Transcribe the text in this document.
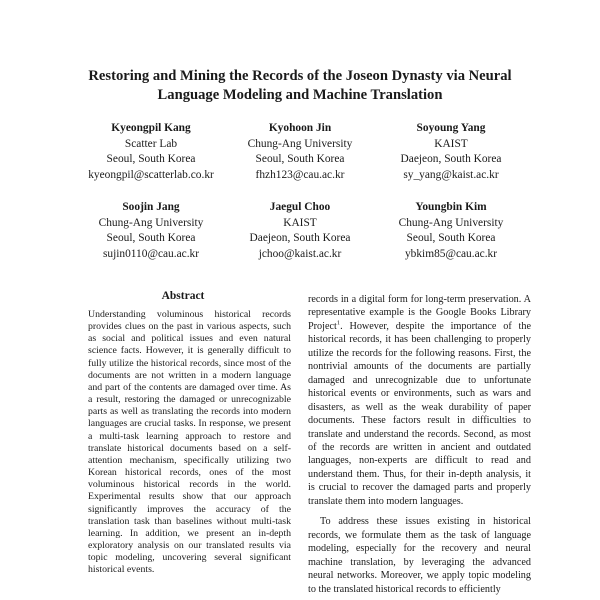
Restoring and Mining the Records of the Joseon Dynasty via Neural Language Modeling and Machine Translation
Kyeongpil Kang
Scatter Lab
Seoul, South Korea
kyeongpil@scatterlab.co.kr
Kyohoon Jin
Chung-Ang University
Seoul, South Korea
fhzh123@cau.ac.kr
Soyoung Yang
KAIST
Daejeon, South Korea
sy_yang@kaist.ac.kr
Soojin Jang
Chung-Ang University
Seoul, South Korea
sujin0110@cau.ac.kr
Jaegul Choo
KAIST
Daejeon, South Korea
jchoo@kaist.ac.kr
Youngbin Kim
Chung-Ang University
Seoul, South Korea
ybkim85@cau.ac.kr
Abstract
Understanding voluminous historical records provides clues on the past in various aspects, such as social and political issues and even natural science facts. However, it is generally difficult to fully utilize the historical records, since most of the documents are not written in a modern language and part of the contents are damaged over time. As a result, restoring the damaged or unrecognizable parts as well as translating the records into modern languages are crucial tasks. In response, we present a multi-task learning approach to restore and translate historical documents based on a self-attention mechanism, specifically utilizing two Korean historical records, ones of the most voluminous historical records in the world. Experimental results show that our approach significantly improves the accuracy of the translation task than baselines without multi-task learning. In addition, we present an in-depth exploratory analysis on our translated results via topic modeling, uncovering several significant historical events.

records in a digital form for long-term preservation. A representative example is the Google Books Library Project$^1$. However, despite the importance of the historical records, it has been challenging to properly utilize the records for the following reasons. First, the nontrivial amounts of the documents are partially damaged and unrecognizable due to unfortunate historical events or environments, such as wars and disasters, as well as the weak durability of paper documents. These factors result in difficulties to translate and understand the records. Second, as most of the records are written in ancient and outdated languages, non-experts are difficult to read and understand them. Thus, for their in-depth analysis, it is crucial to recover the damaged parts and properly translate them into modern languages.

To address these issues existing in historical records, we formulate them as the task of language modeling, especially for the recovery and neural machine translation, by leveraging the advanced neural networks. Moreover, we apply topic modeling to the translated historical records to efficiently
